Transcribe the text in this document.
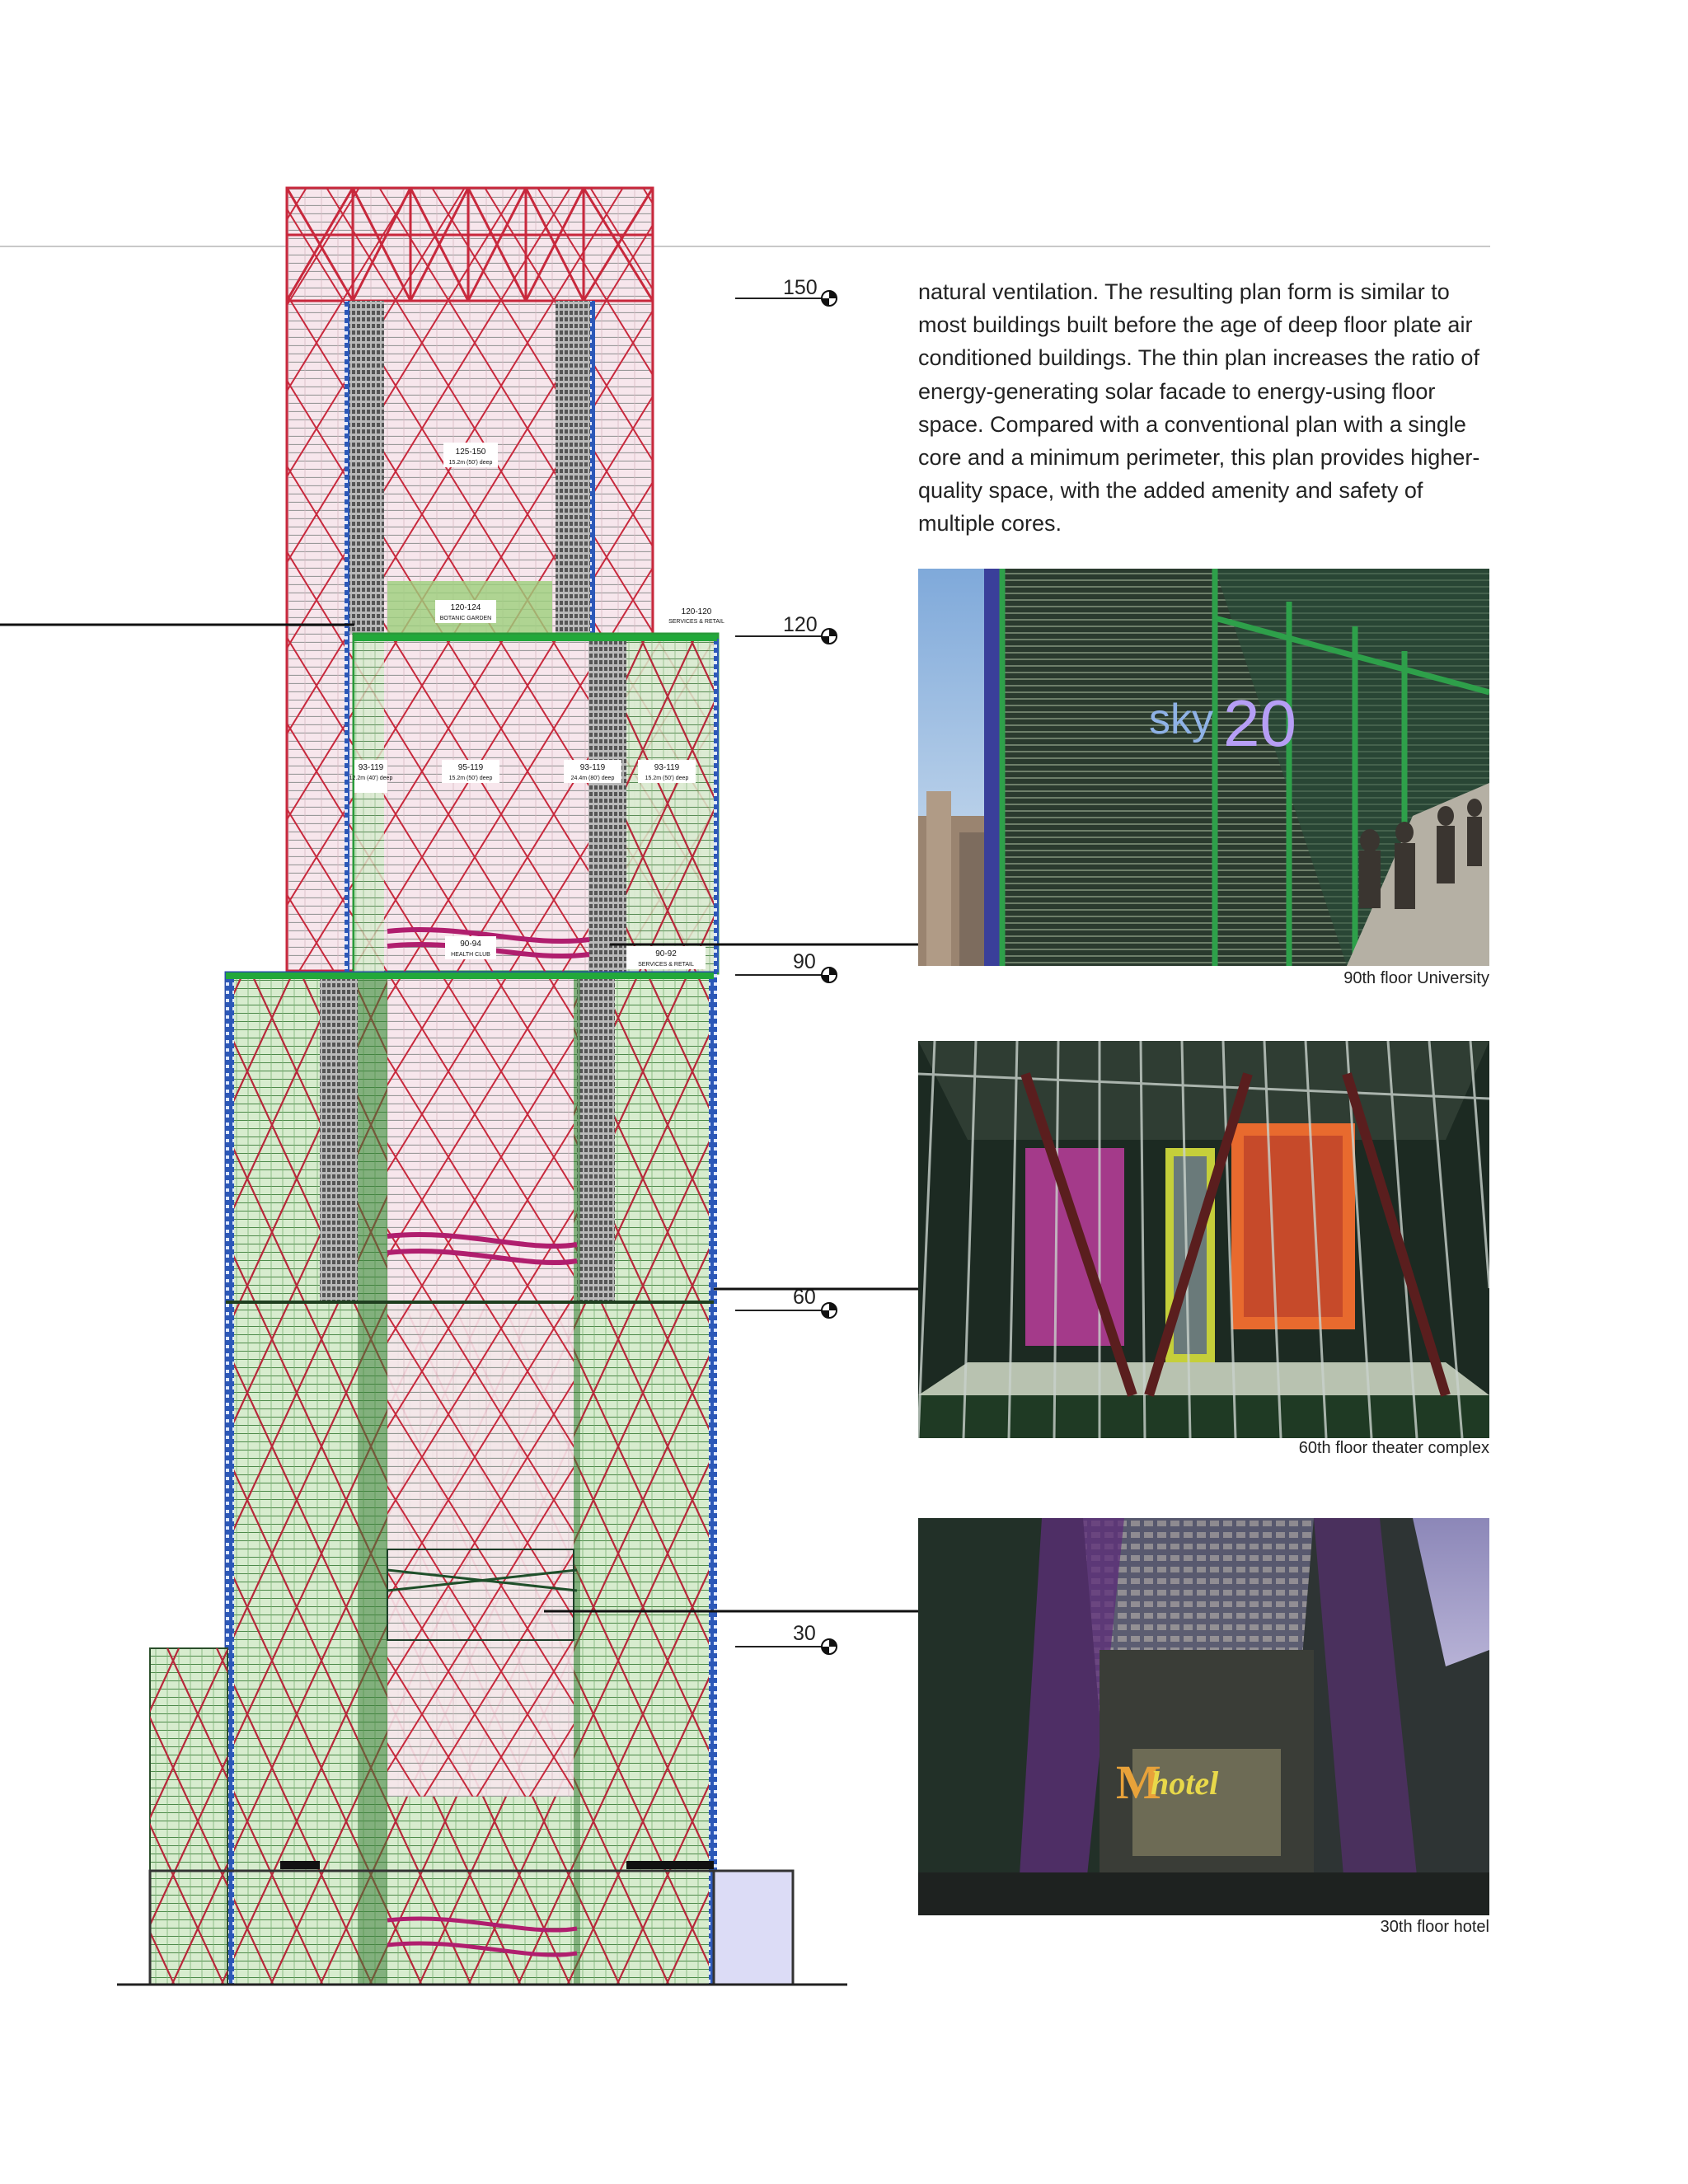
125-150
15.2m (50') deep
120-124
BOTANIC GARDEN
120-120
SERVICES & RETAIL
93-119
12.2m (40') deep
95-119
15.2m (50') deep
93-119
24.4m (80') deep
93-119
15.2m (50') deep
90-94
HEALTH CLUB	90-92
SERVICES & RETAIL
150
120
90
60
30
natural ventilation. The resulting plan form is similar to most buildings built before the age of deep floor plate air conditioned buildings. The thin plan increases the ratio of energy-generating solar facade to energy-using floor space. Compared with a conventional plan with a single core and a minimum perimeter, this plan provides higher-quality space, with the added amenity and safety of multiple cores.
sky 20
90th floor University
60th floor theater complex
M
hotel
30th floor hotel
